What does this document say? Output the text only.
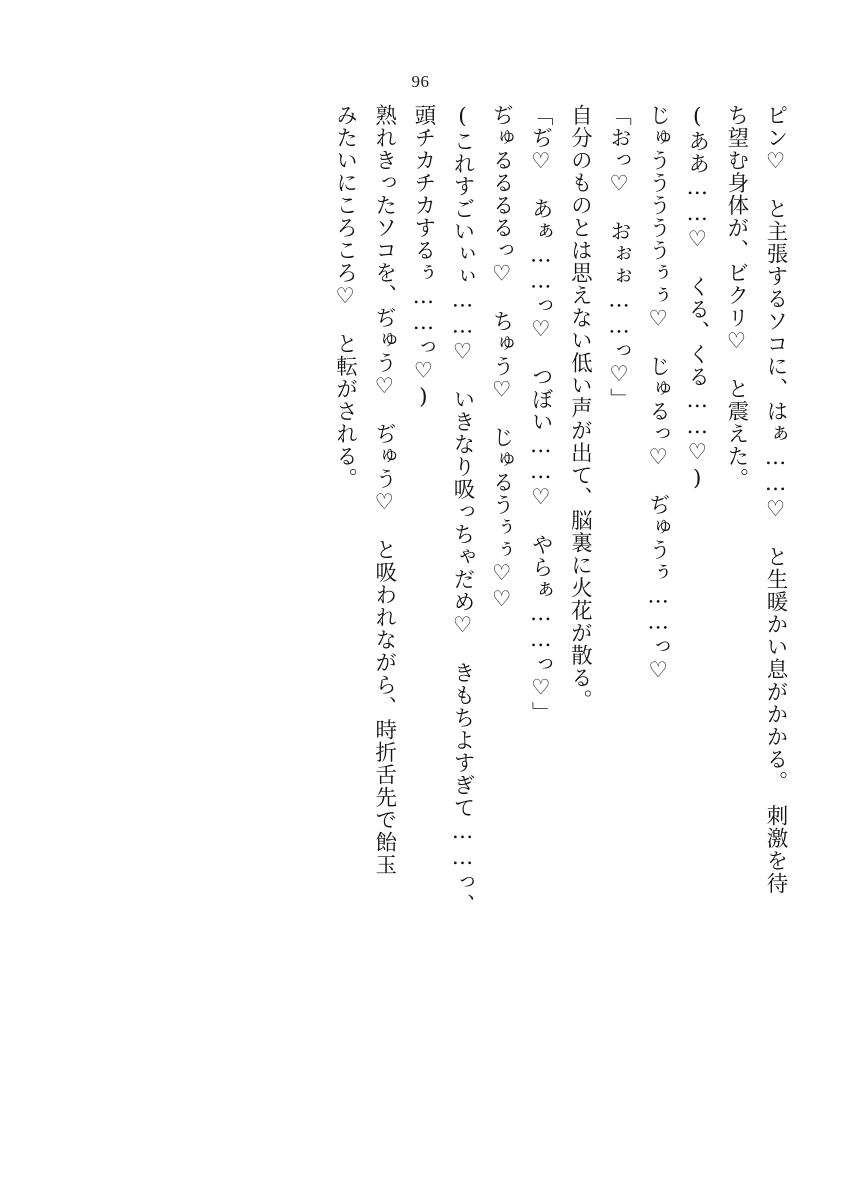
96

ピン♡　と主張するソコに、はぁ……♡　と生暖かい息がかかる。　刺激を待

ち望む身体が、ビクリ♡　と震えた。

(ああ……♡　くる、くる……♡)

じゅうううううぅぅ♡　じゅるっ♡　ぢゅうぅ……っ♡

「おっ♡　おぉぉ……っ♡」

自分のものとは思えない低い声が出て、脳裏に火花が散る。

「ぢ♡　あぁ……っ♡　つぼい……♡　やらぁ……っ♡」

ぢゅるるるるっ♡　ちゅう♡　じゅるうぅぅ♡♡

(これすごいぃぃ……♡　いきなり吸っちゃだめ♡　きもちよすぎて……っ、

頭チカチカするぅ……っ♡)

熟れきったソコを、ぢゅう♡　ぢゅう♡　と吸われながら、時折舌先で飴玉

みたいにころころ♡　と転がされる。
